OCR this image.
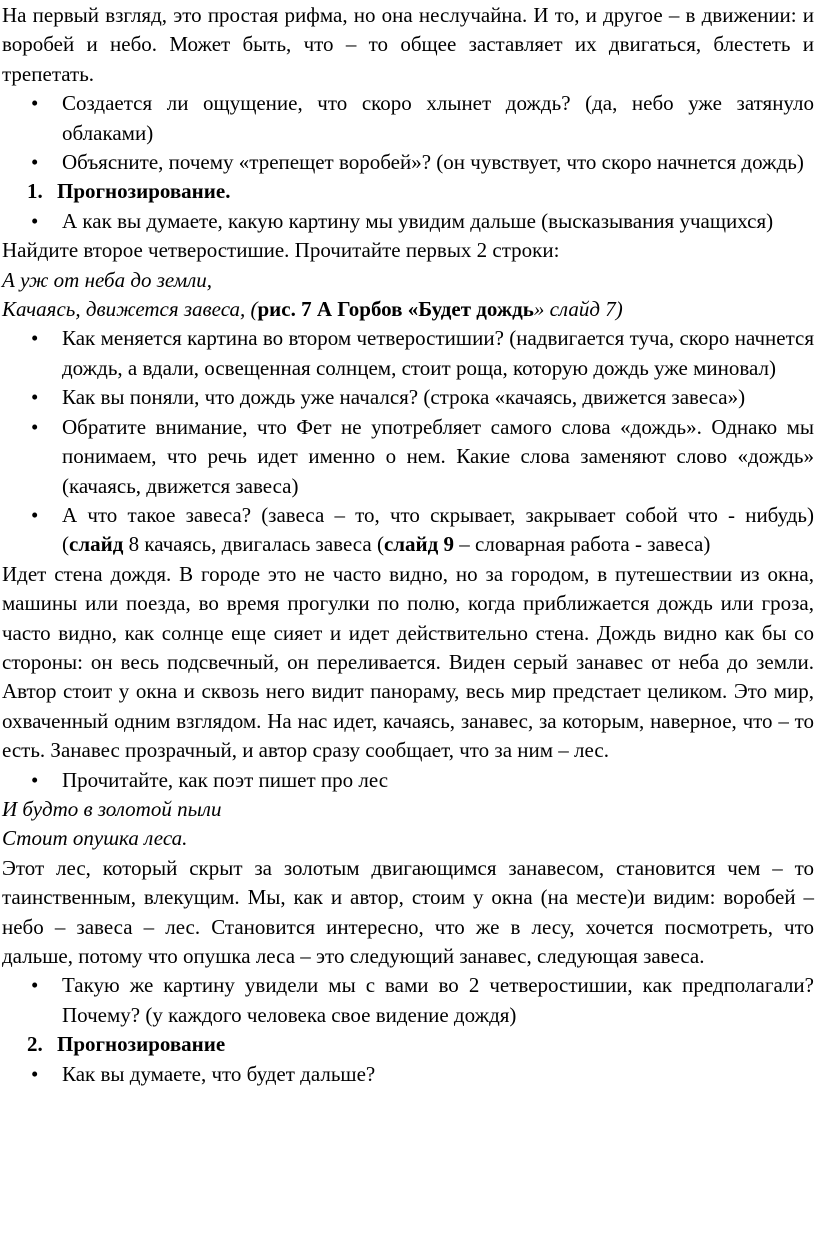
На первый взгляд, это простая рифма, но она неслучайна. И то, и другое – в движении: и воробей и небо. Может быть, что – то общее заставляет их двигаться, блестеть и трепетать.

• Создается ли ощущение, что скоро хлынет дождь? (да, небо уже затянуло облаками)
• Объясните, почему «трепещет воробей»? (он чувствует, что скоро начнется дождь)
1. Прогнозирование.
• А как вы думаете, какую картину мы увидим дальше (высказывания учащихся)

Найдите второе четверостишие. Прочитайте первых 2 строки:

А уж от неба до земли,

Качаясь, движется завеса, (рис. 7 А Горбов «Будет дождь» слайд 7)

• Как меняется картина во втором четверостишии? (надвигается туча, скоро начнется дождь, а вдали, освещенная солнцем, стоит роща, которую дождь уже миновал)
• Как вы поняли, что дождь уже начался? (строка «качаясь, движется завеса»)
• Обратите внимание, что Фет не употребляет самого слова «дождь». Однако мы понимаем, что речь идет именно о нем. Какие слова заменяют слово «дождь» (качаясь, движется завеса)
• А что такое завеса? (завеса – то, что скрывает, закрывает собой что - нибудь) (слайд 8 качаясь, двигалась завеса (слайд 9 – словарная работа - завеса)

Идет стена дождя. В городе это не часто видно, но за городом, в путешествии из окна, машины или поезда, во время прогулки по полю, когда приближается дождь или гроза, часто видно, как солнце еще сияет и идет действительно стена. Дождь видно как бы со стороны: он весь подсвечный, он переливается. Виден серый занавес от неба до земли. Автор стоит у окна и сквозь него видит панораму, весь мир предстает целиком. Это мир, охваченный одним взглядом. На нас идет, качаясь, занавес, за которым, наверное, что – то есть. Занавес прозрачный, и автор сразу сообщает, что за ним – лес.

• Прочитайте, как поэт пишет про лес

И будто в золотой пыли

Стоит опушка леса.

Этот лес, который скрыт за золотым двигающимся занавесом, становится чем – то таинственным, влекущим. Мы, как и автор, стоим у окна (на месте)и видим: воробей – небо – завеса – лес. Становится интересно, что же в лесу, хочется посмотреть, что дальше, потому что опушка леса – это следующий занавес, следующая завеса.

• Такую же картину увидели мы с вами во 2 четверостишии, как предполагали? Почему? (у каждого человека свое видение дождя)
2. Прогнозирование
• Как вы думаете, что будет дальше?
